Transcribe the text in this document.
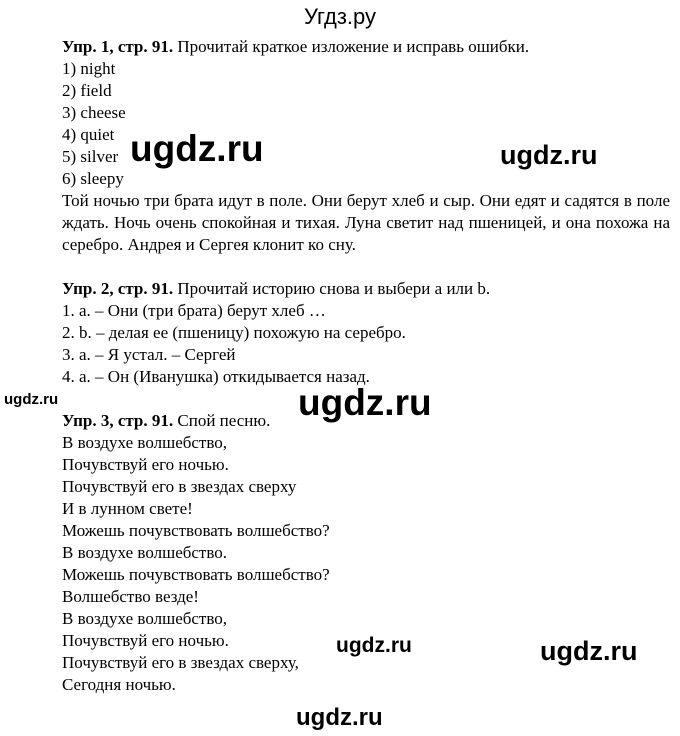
Угдз.ру
Упр. 1, стр. 91. Прочитай краткое изложение и исправь ошибки.
1) night
2) field
3) cheese
4) quiet
5) silver
6) sleepy
Той ночью три брата идут в поле. Они берут хлеб и сыр. Они едят и садятся в поле ждать. Ночь очень спокойная и тихая. Луна светит над пшеницей, и она похожа на серебро. Андрея и Сергея клонит ко сну.
Упр. 2, стр. 91. Прочитай историю снова и выбери a или b.
1. a. – Они (три брата) берут хлеб …
2. b. – делая ее (пшеницу) похожую на серебро.
3. a. – Я устал. – Сергей
4. a. – Он (Иванушка) откидывается назад.
Упр. 3, стр. 91. Спой песню.
В воздухе волшебство,
Почувствуй его ночью.
Почувствуй его в звездах сверху
И в лунном свете!
Можешь почувствовать волшебство?
В воздухе волшебство.
Можешь почувствовать волшебство?
Волшебство везде!
В воздухе волшебство,
Почувствуй его ночью.
Почувствуй его в звездах сверху,
Сегодня ночью.
ugdz.ru	ugdz.ru
ugdz.ru
ugdz.ru
ugdz.ru	ugdz.ru
ugdz.ru
